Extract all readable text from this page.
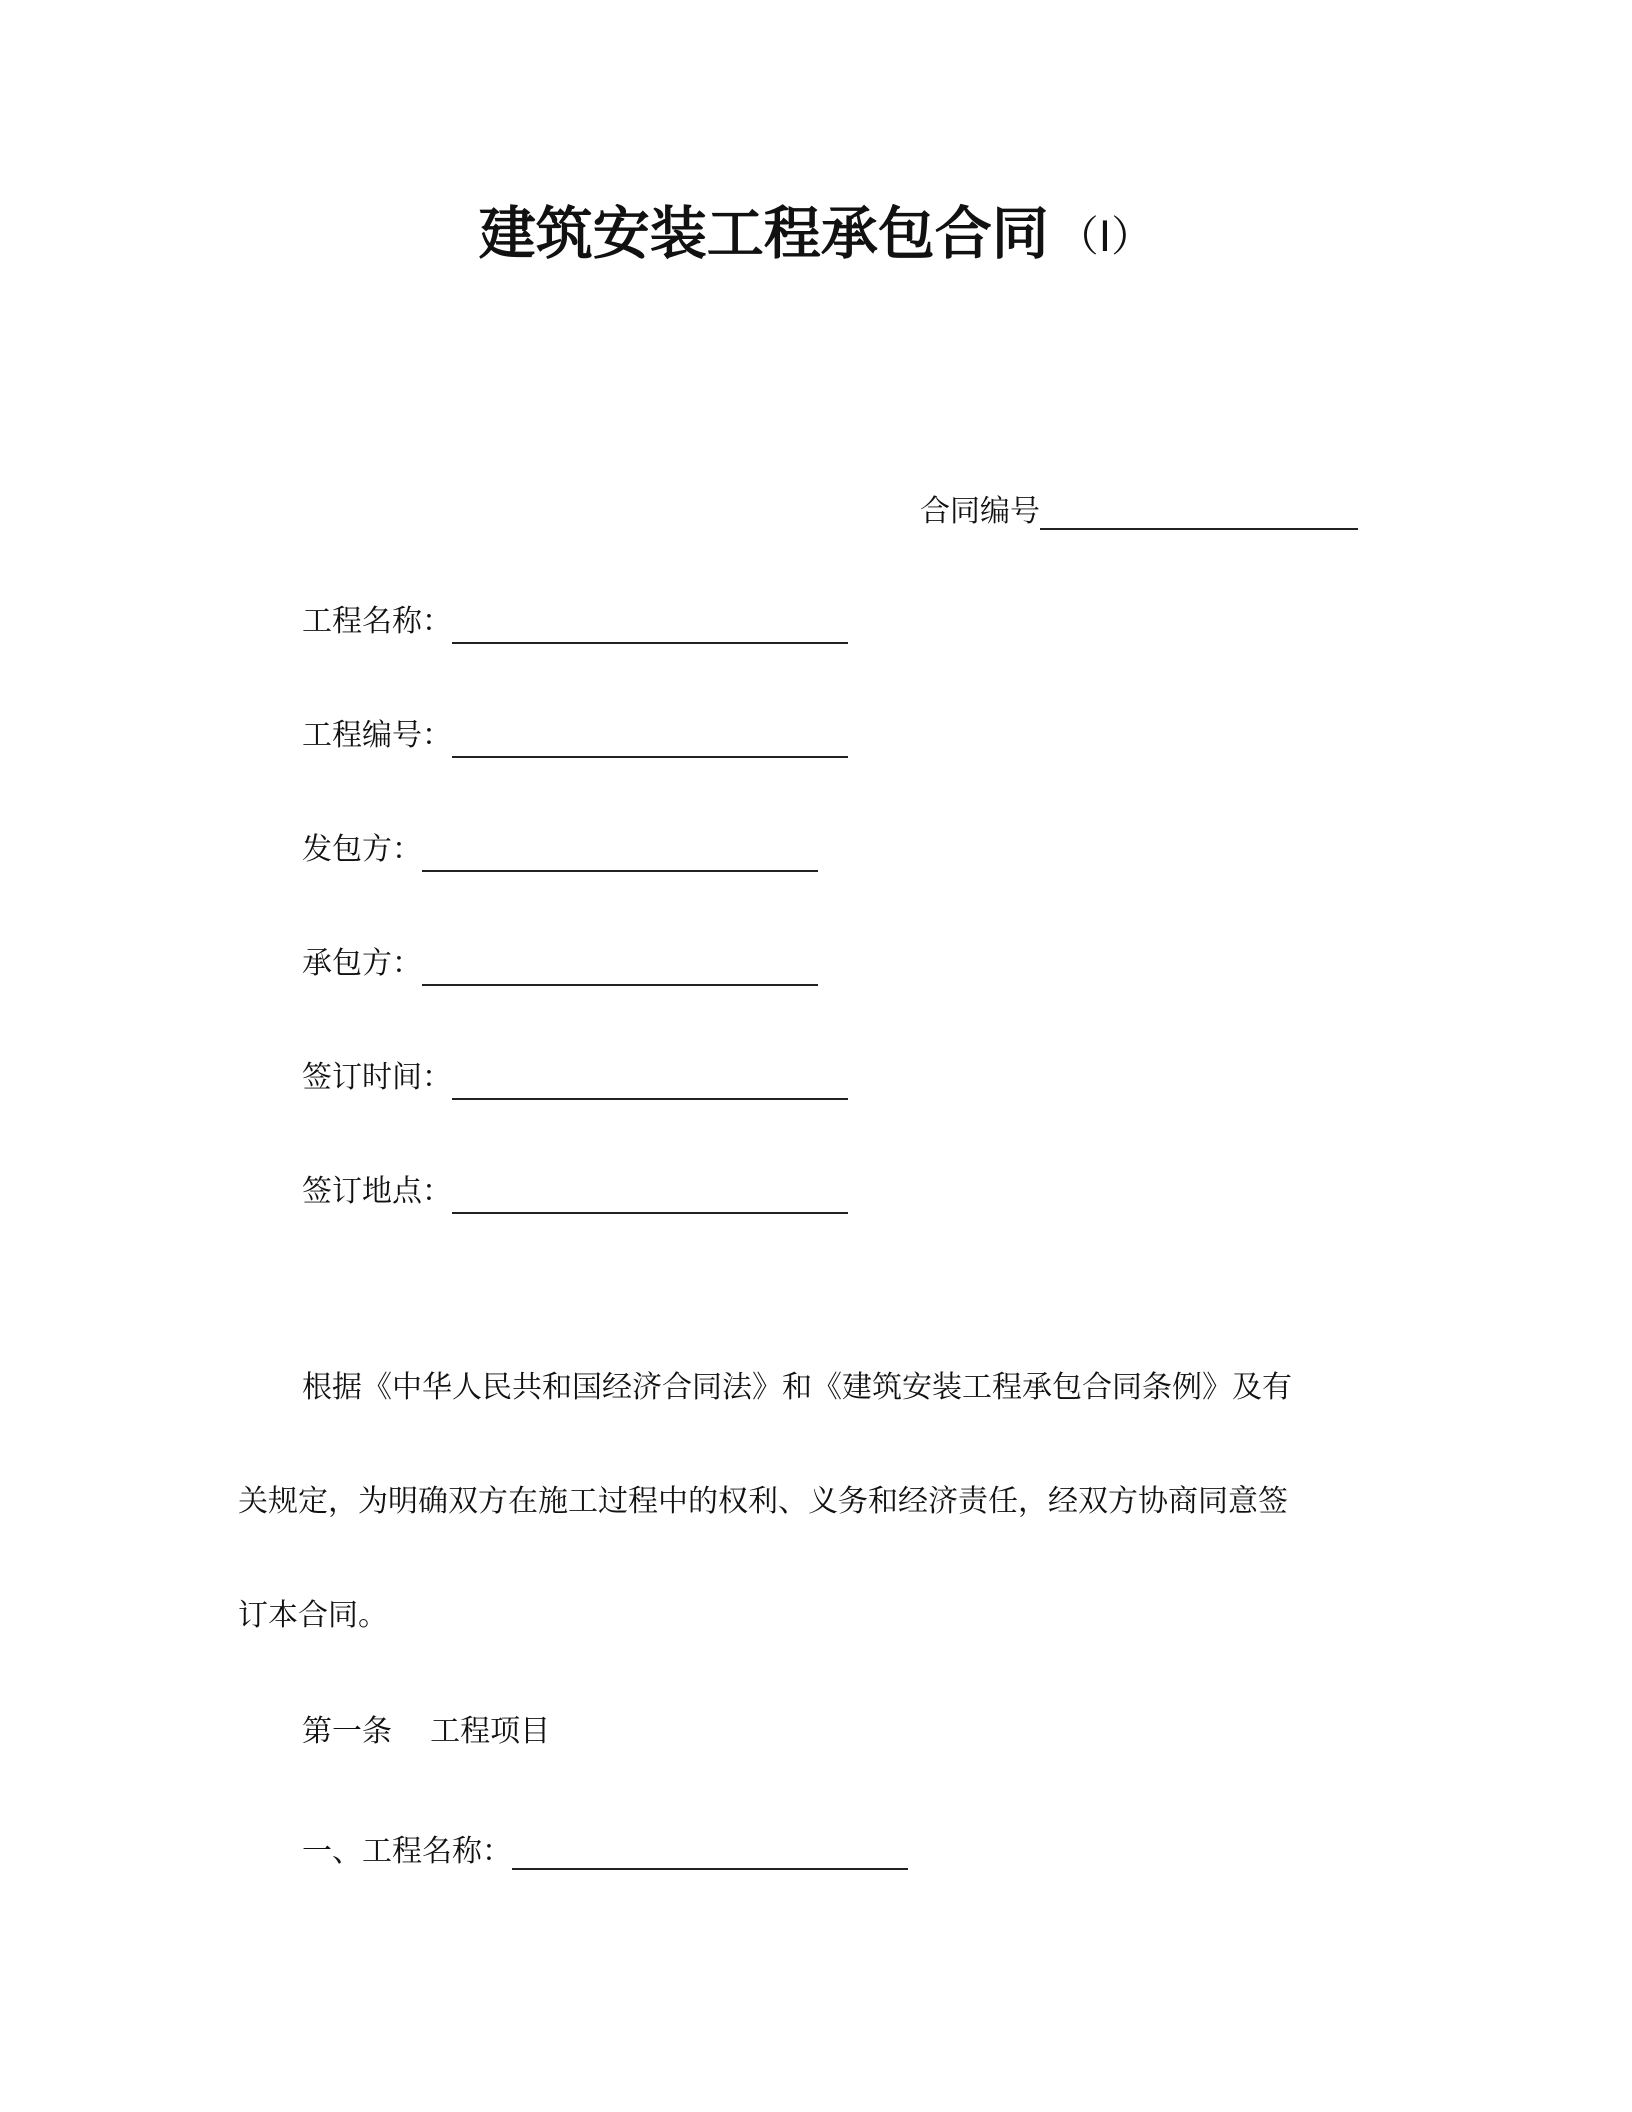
建筑安装工程承包合同 （I）
合同编号
工程名称：
工程编号：
发包方：
承包方：
签订时间：
签订地点：
根据《中华人民共和国经济合同法》和《建筑安装工程承包合同条例》及有
关规定，为明确双方在施工过程中的权利、义务和经济责任，经双方协商同意签
订本合同。
第一条    工程项目
一、工程名称：
